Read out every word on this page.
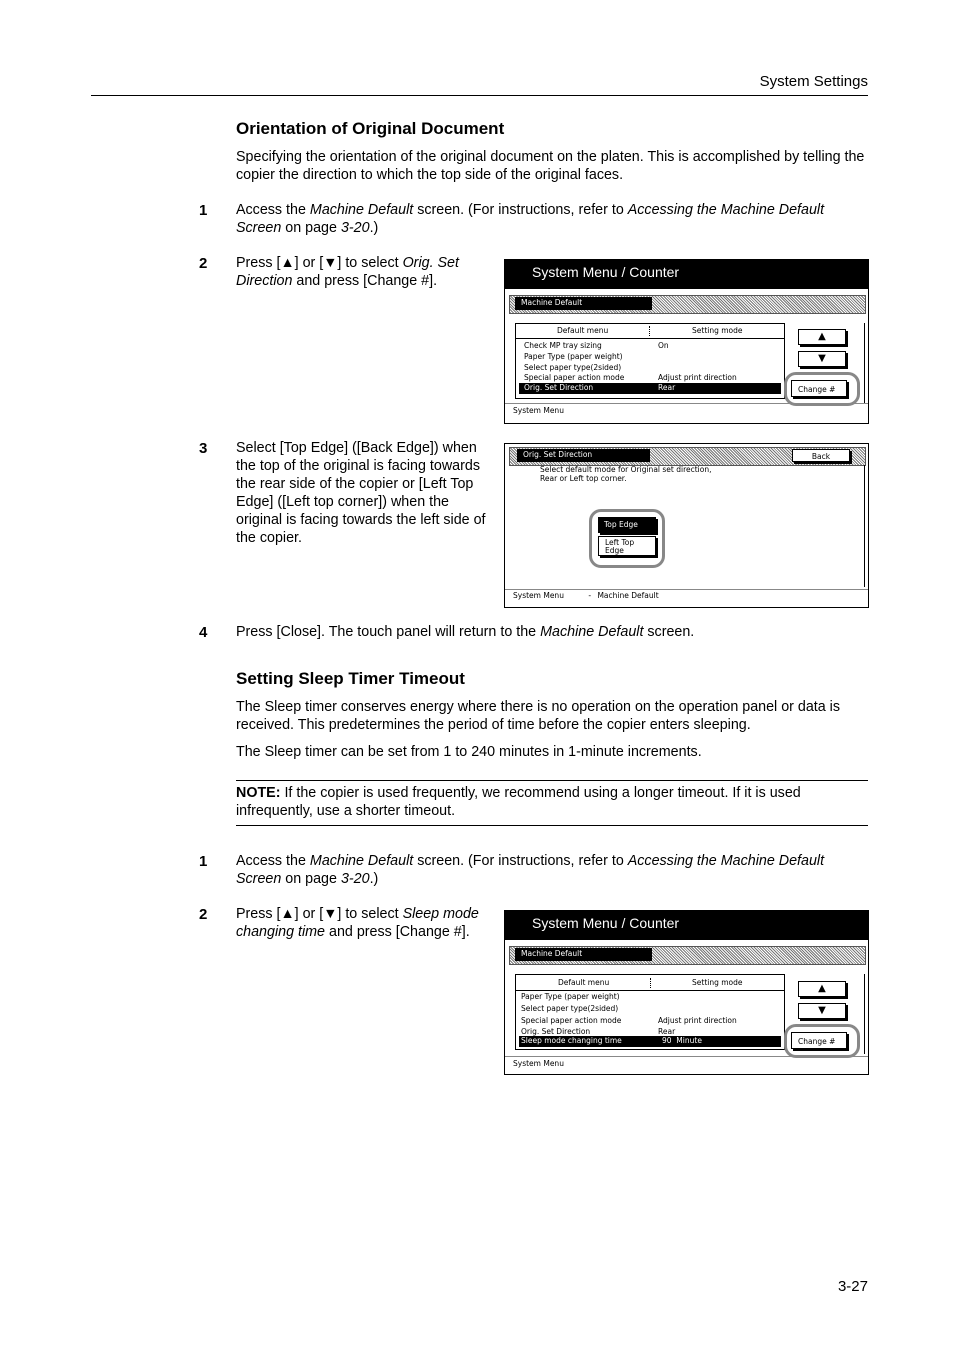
System Settings
Orientation of Original Document
Specifying the orientation of the original document on the platen. This is accomplished by telling the copier the direction to which the top side of the original faces.
1 Access the Machine Default screen. (For instructions, refer to Accessing the Machine Default Screen on page 3-20.)
2 Press [▲] or [▼] to select Orig. Set Direction and press [Change #].
3 Select [Top Edge] ([Back Edge]) when the top of the original is facing towards the rear side of the copier or [Left Top Edge] ([Left top corner]) when the original is facing towards the left side of the copier.
4 Press [Close]. The touch panel will return to the Machine Default screen.
System Menu / Counter
Machine Default
Default menu	Setting mode
Check MP tray sizing	On
Paper Type (paper weight)
Select paper type(2sided)
Special paper action mode	Adjust print direction
Orig. Set Direction	Rear
▲
▼
Change #
System Menu
Orig. Set Direction	Back
Select default mode for Original set direction,
Rear or Left top corner.
Top Edge
Left Top
Edge
System Menu	- Machine Default
Setting Sleep Timer Timeout
The Sleep timer conserves energy where there is no operation on the operation panel or data is received. This predetermines the period of time before the copier enters sleeping.
The Sleep timer can be set from 1 to 240 minutes in 1-minute increments.
NOTE: If the copier is used frequently, we recommend using a longer timeout. If it is used infrequently, use a shorter timeout.
1 Access the Machine Default screen. (For instructions, refer to Accessing the Machine Default Screen on page 3-20.)
2 Press [▲] or [▼] to select Sleep mode changing time and press [Change #].
System Menu / Counter
Machine Default
Default menu	Setting mode
Paper Type (paper weight)
Select paper type(2sided)
Special paper action mode	Adjust print direction
Orig. Set Direction	Rear
Sleep mode changing time	90  Minute
▲
▼
Change #
System Menu
3-27
